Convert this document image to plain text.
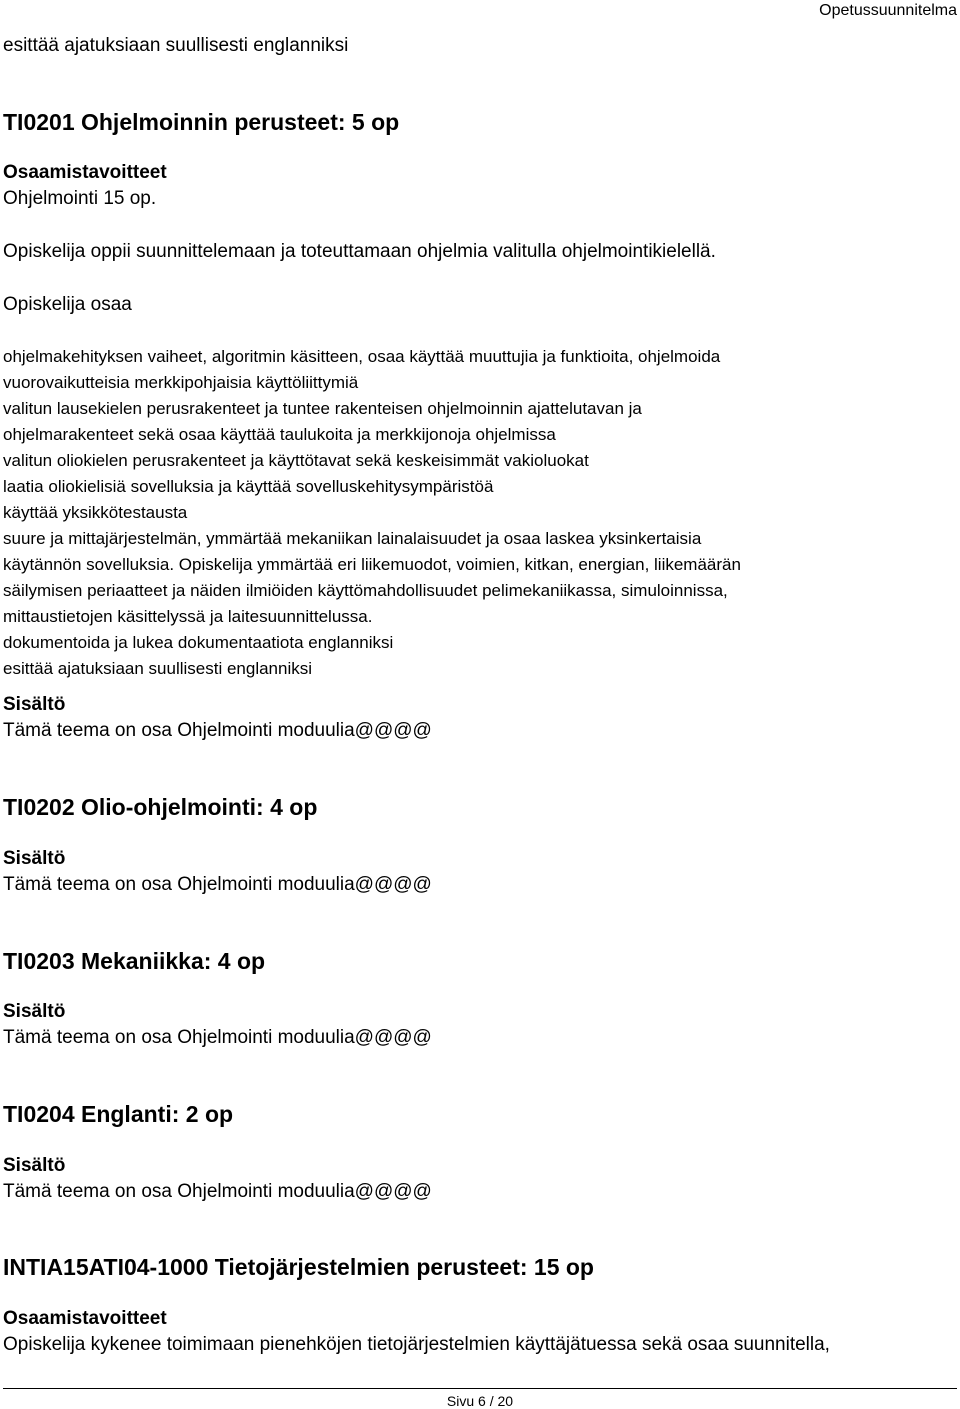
Opetussuunnitelma
esittää ajatuksiaan suullisesti englanniksi
TI0201 Ohjelmoinnin perusteet: 5 op
Osaamistavoitteet
Ohjelmointi 15 op.
Opiskelija oppii suunnittelemaan ja toteuttamaan ohjelmia valitulla ohjelmointikielellä.
Opiskelija osaa
ohjelmakehityksen vaiheet, algoritmin käsitteen, osaa käyttää muuttujia ja funktioita, ohjelmoida
vuorovaikutteisia merkkipohjaisia käyttöliittymiä
valitun lausekielen perusrakenteet ja tuntee rakenteisen ohjelmoinnin ajattelutavan ja
ohjelmarakenteet sekä osaa käyttää taulukoita ja merkkijonoja ohjelmissa
valitun oliokielen perusrakenteet ja käyttötavat sekä keskeisimmät vakioluokat
laatia oliokielisiä sovelluksia ja käyttää sovelluskehitysympäristöä
käyttää yksikkötestausta
suure ja mittajärjestelmän, ymmärtää mekaniikan lainalaisuudet ja osaa laskea yksinkertaisia
käytännön sovelluksia. Opiskelija ymmärtää eri liikemuodot, voimien, kitkan, energian, liikemäärän
säilymisen periaatteet ja näiden ilmiöiden käyttömahdollisuudet pelimekaniikassa, simuloinnissa,
mittaustietojen käsittelyssä ja laitesuunnittelussa.
dokumentoida ja lukea dokumentaatiota englanniksi
esittää ajatuksiaan suullisesti englanniksi
Sisältö
Tämä teema on osa Ohjelmointi moduulia@@@@
TI0202 Olio-ohjelmointi: 4 op
Sisältö
Tämä teema on osa Ohjelmointi moduulia@@@@
TI0203 Mekaniikka: 4 op
Sisältö
Tämä teema on osa Ohjelmointi moduulia@@@@
TI0204 Englanti: 2 op
Sisältö
Tämä teema on osa Ohjelmointi moduulia@@@@
INTIA15ATI04-1000 Tietojärjestelmien perusteet: 15 op
Osaamistavoitteet
Opiskelija kykenee toimimaan pienehköjen tietojärjestelmien käyttäjätuessa sekä osaa suunnitella,
Sivu 6 / 20
